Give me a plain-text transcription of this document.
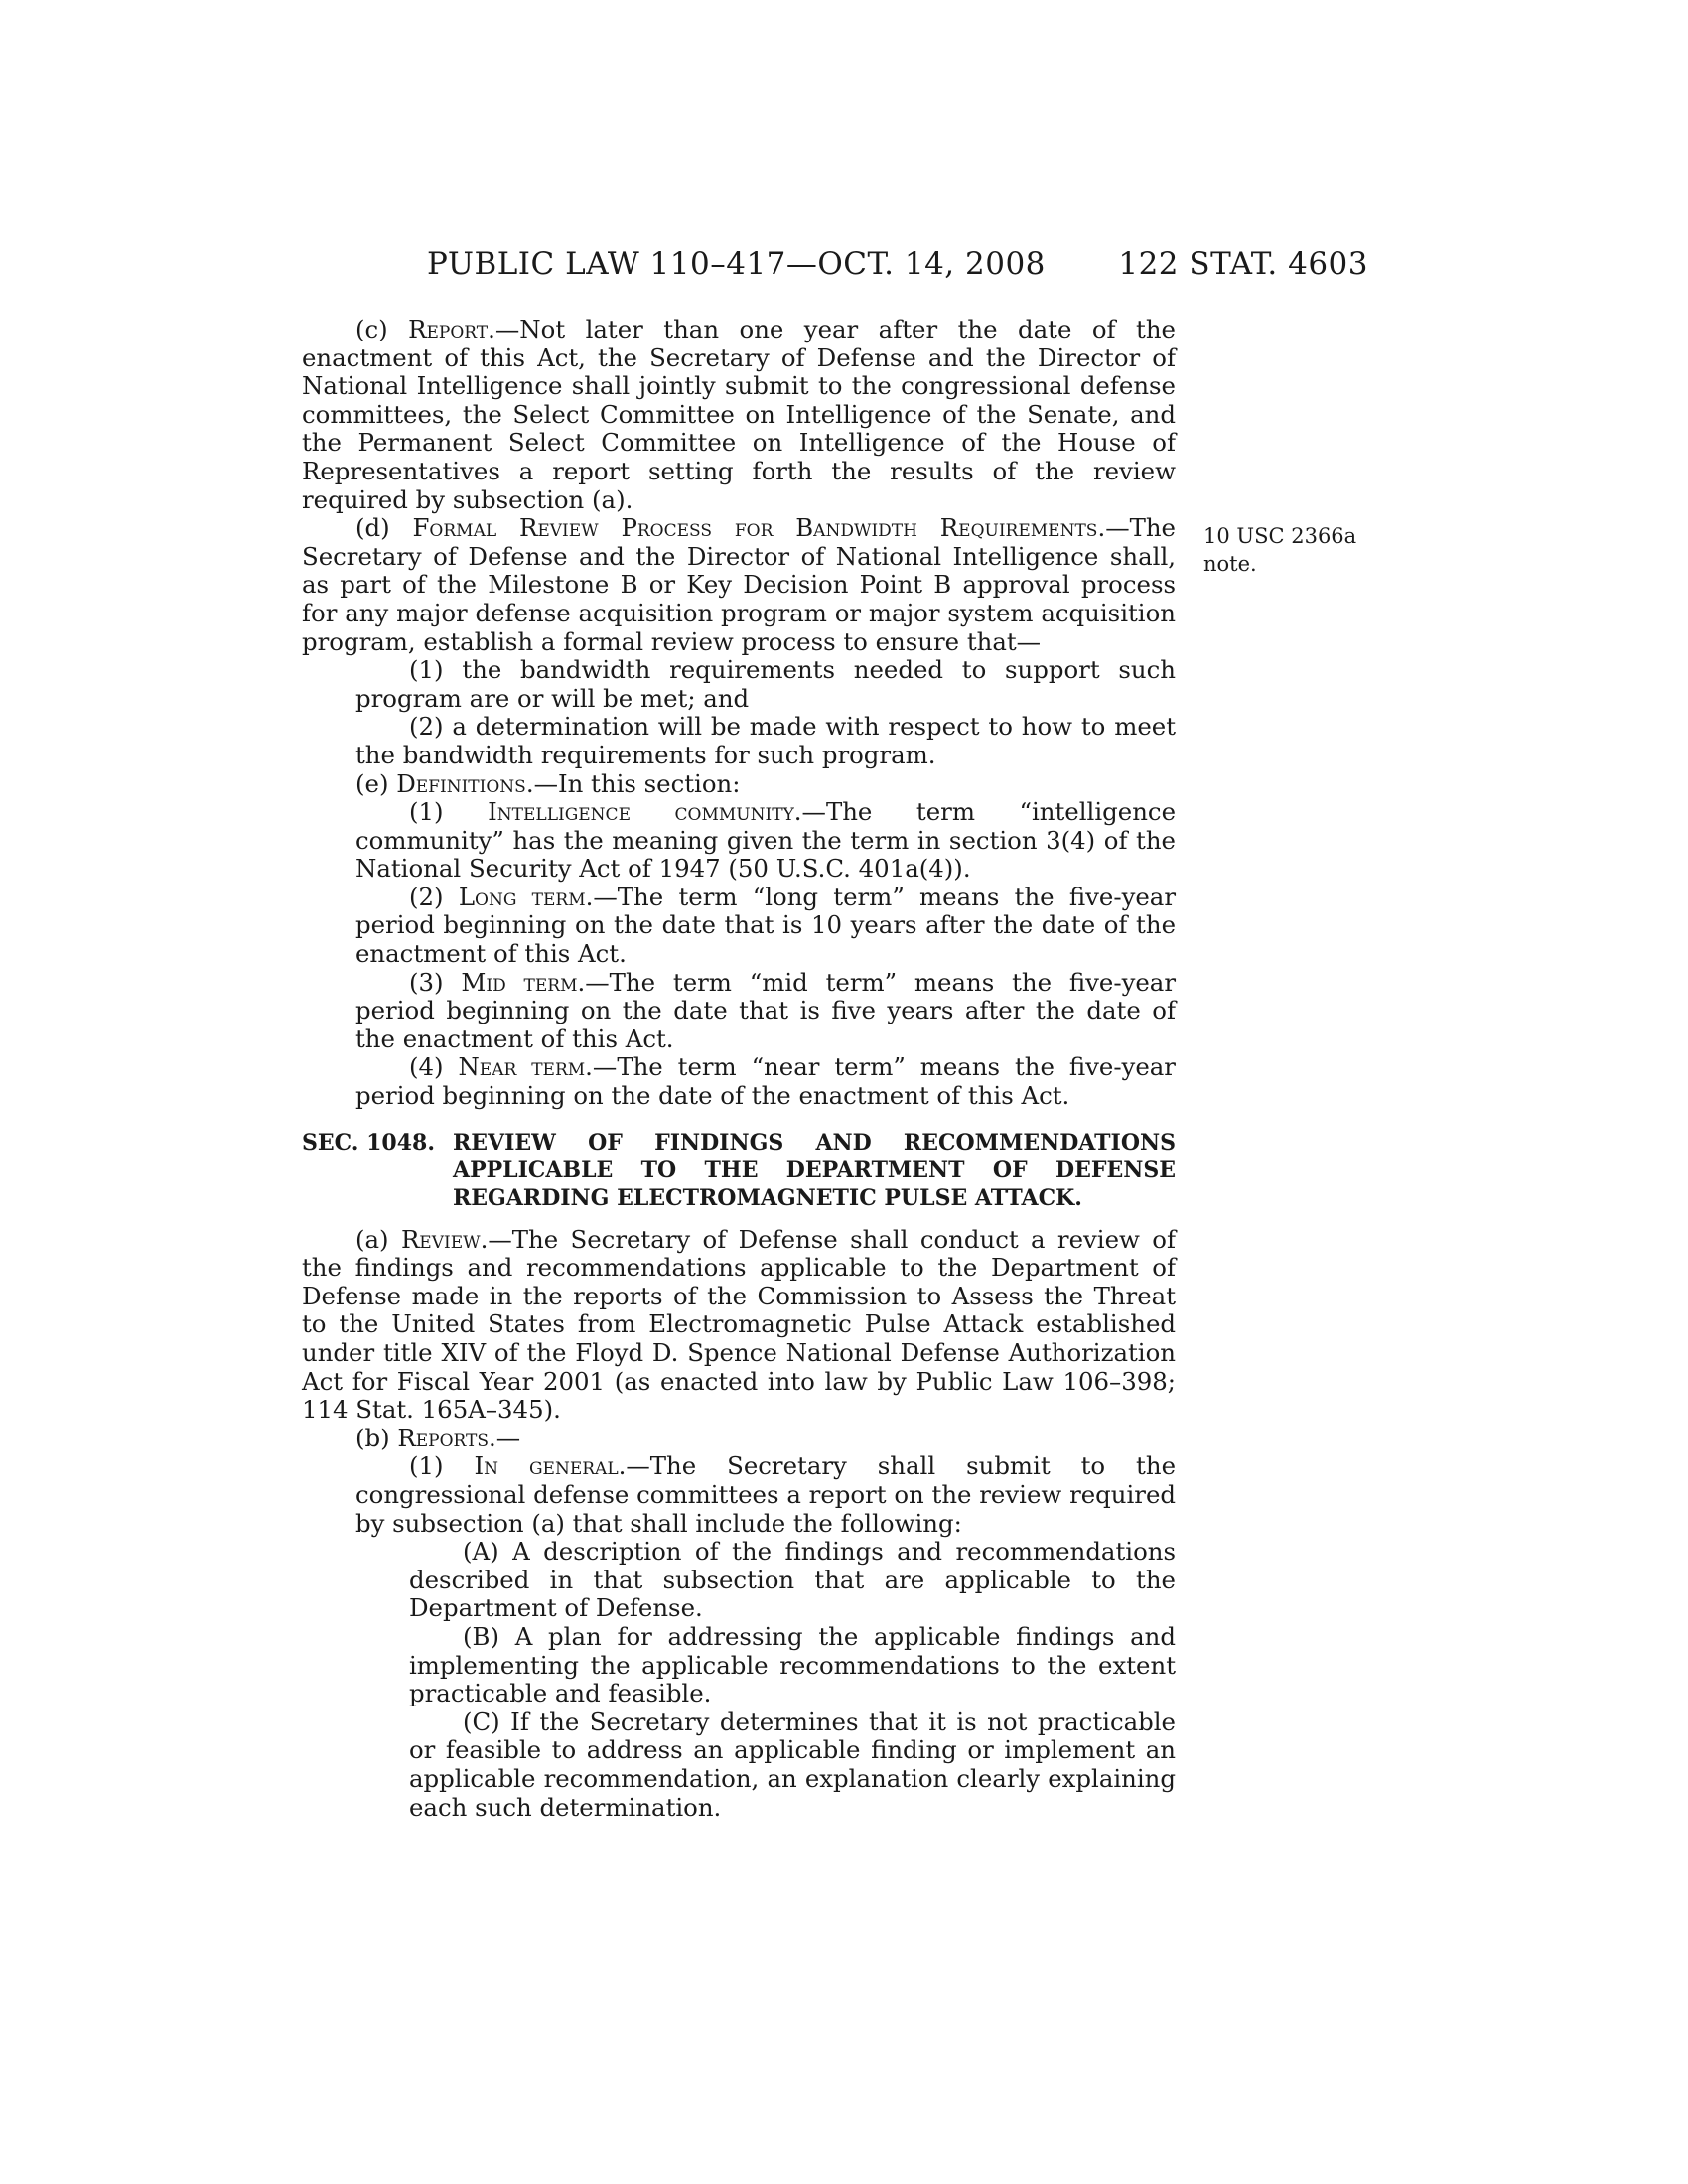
PUBLIC LAW 110–417—OCT. 14, 2008 122 STAT. 4603
10 USC 2366a
note.

(c) Report.—Not later than one year after the date of the enactment of this Act, the Secretary of Defense and the Director of National Intelligence shall jointly submit to the congressional defense committees, the Select Committee on Intelligence of the Senate, and the Permanent Select Committee on Intelligence of the House of Representatives a report setting forth the results of the review required by subsection (a).

(d) Formal Review Process for Bandwidth Requirements.—The Secretary of Defense and the Director of National Intelligence shall, as part of the Milestone B or Key Decision Point B approval process for any major defense acquisition program or major system acquisition program, establish a formal review process to ensure that—

(1) the bandwidth requirements needed to support such program are or will be met; and

(2) a determination will be made with respect to how to meet the bandwidth requirements for such program.

(e) Definitions.—In this section:

(1) Intelligence community.—The term “intelligence community” has the meaning given the term in section 3(4) of the National Security Act of 1947 (50 U.S.C. 401a(4)).

(2) Long term.—The term “long term” means the five-year period beginning on the date that is 10 years after the date of the enactment of this Act.

(3) Mid term.—The term “mid term” means the five-year period beginning on the date that is five years after the date of the enactment of this Act.

(4) Near term.—The term “near term” means the five-year period beginning on the date of the enactment of this Act.

SEC. 1048. REVIEW OF FINDINGS AND RECOMMENDATIONS
APPLICABLE TO THE DEPARTMENT OF DEFENSE
REGARDING ELECTROMAGNETIC PULSE ATTACK.

(a) Review.—The Secretary of Defense shall conduct a review of the findings and recommendations applicable to the Department of Defense made in the reports of the Commission to Assess the Threat to the United States from Electromagnetic Pulse Attack established under title XIV of the Floyd D. Spence National Defense Authorization Act for Fiscal Year 2001 (as enacted into law by Public Law 106–398; 114 Stat. 165A–345).

(b) Reports.—

(1) In general.—The Secretary shall submit to the congressional defense committees a report on the review required by subsection (a) that shall include the following:

(A) A description of the findings and recommendations described in that subsection that are applicable to the Department of Defense.

(B) A plan for addressing the applicable findings and implementing the applicable recommendations to the extent practicable and feasible.

(C) If the Secretary determines that it is not practicable or feasible to address an applicable finding or implement an applicable recommendation, an explanation clearly explaining each such determination.
